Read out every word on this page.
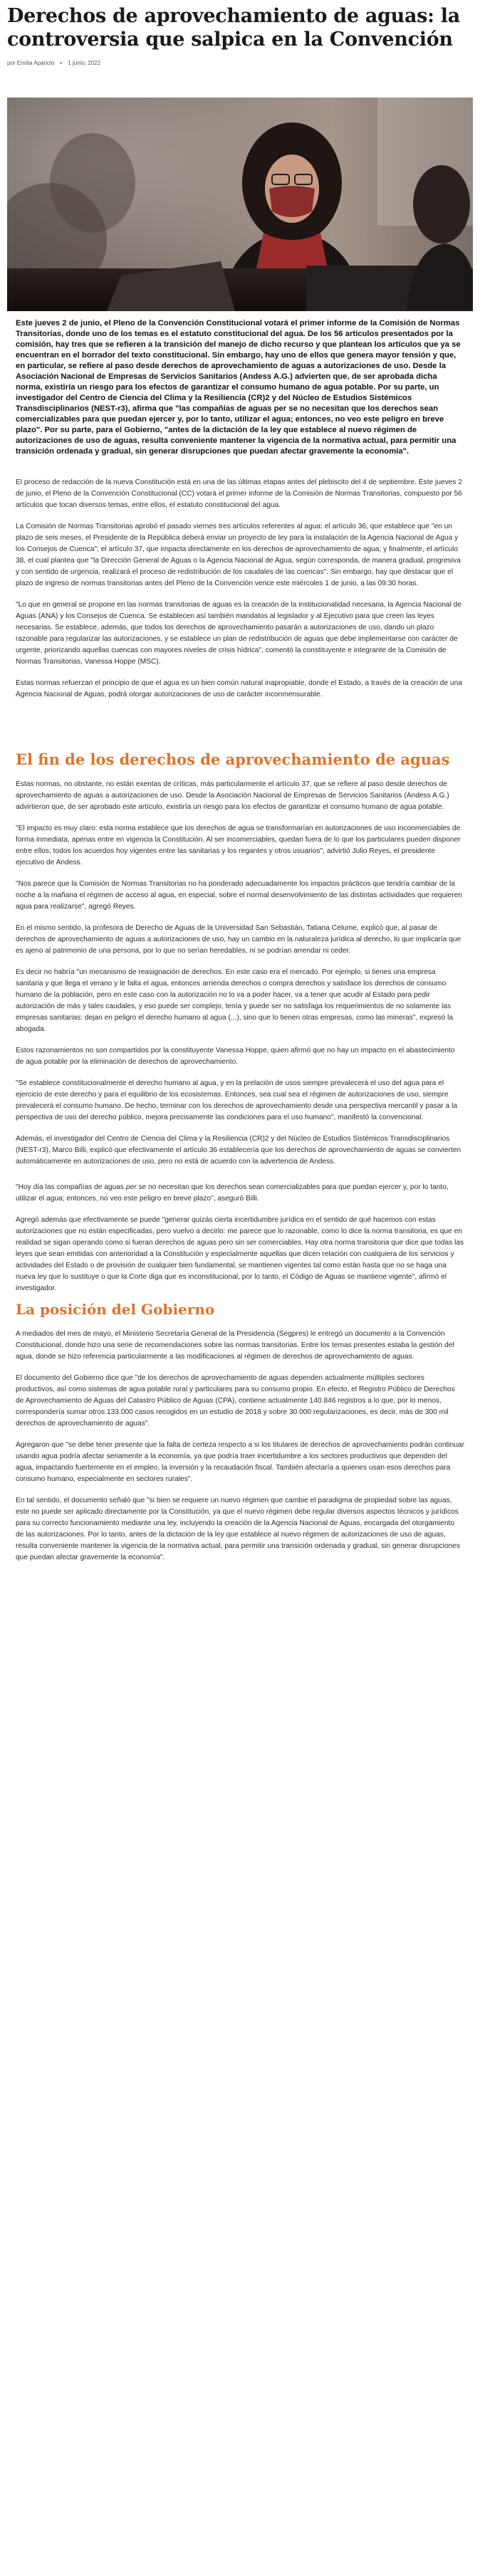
Derechos de aprovechamiento de aguas: la controversia que salpica en la Convención
por Emilia Aparicio 1 junio, 2022

Este jueves 2 de junio, el Pleno de la Convención Constitucional votará el primer informe de la Comisión de Normas Transitorias, donde uno de los temas es el estatuto constitucional del agua. De los 56 artículos presentados por la comisión, hay tres que se refieren a la transición del manejo de dicho recurso y que plantean los artículos que ya se encuentran en el borrador del texto constitucional. Sin embargo, hay uno de ellos que genera mayor tensión y que, en particular, se refiere al paso desde derechos de aprovechamiento de aguas a autorizaciones de uso. Desde la Asociación Nacional de Empresas de Servicios Sanitarios (Andess A.G.) advierten que, de ser aprobada dicha norma, existiría un riesgo para los efectos de garantizar el consumo humano de agua potable. Por su parte, un investigador del Centro de Ciencia del Clima y la Resiliencia (CR)2 y del Núcleo de Estudios Sistémicos Transdisciplinarios (NEST-r3), afirma que "las compañías de aguas per se no necesitan que los derechos sean comercializables para que puedan ejercer y, por lo tanto, utilizar el agua; entonces, no veo este peligro en breve plazo". Por su parte, para el Gobierno, "antes de la dictación de la ley que establece al nuevo régimen de autorizaciones de uso de aguas, resulta conveniente mantener la vigencia de la normativa actual, para permitir una transición ordenada y gradual, sin generar disrupciones que puedan afectar gravemente la economía".

El proceso de redacción de la nueva Constitución está en una de las últimas etapas antes del plebiscito del 4 de septiembre. Este jueves 2 de junio, el Pleno de la Convención Constitucional (CC) votará el primer informe de la Comisión de Normas Transitorias, compuesto por 56 artículos que tocan diversos temas, entre ellos, el estatuto constitucional del agua.

La Comisión de Normas Transitorias aprobó el pasado viernes tres artículos referentes al agua: el artículo 36, que establece que "en un plazo de seis meses, el Presidente de la República deberá enviar un proyecto de ley para la instalación de la Agencia Nacional de Agua y los Consejos de Cuenca"; el artículo 37, que impacta directamente en los derechos de aprovechamiento de agua; y finalmente, el artículo 38, el cual plantea que "la Dirección General de Aguas o la Agencia Nacional de Agua, según corresponda, de manera gradual, progresiva y con sentido de urgencia, realizará el proceso de redistribución de los caudales de las cuencas". Sin embargo, hay que destacar que el plazo de ingreso de normas transitorias antes del Pleno de la Convención vence este miércoles 1 de junio, a las 09:30 horas.

"Lo que en general se propone en las normas transitorias de aguas es la creación de la institucionalidad necesaria, la Agencia Nacional de Aguas (ANA) y los Consejos de Cuenca. Se establecen así también mandatos al legislador y al Ejecutivo para que creen las leyes necesarias. Se establece, además, que todos los derechos de aprovechamiento pasarán a autorizaciones de uso, dando un plazo razonable para regularizar las autorizaciones, y se establece un plan de redistribución de aguas que debe implementarse con carácter de urgente, priorizando aquellas cuencas con mayores niveles de crisis hídrica", comentó la constituyente e integrante de la Comisión de Normas Transitorias, Vanessa Hoppe (MSC).

Estas normas refuerzan el principio de que el agua es un bien común natural inapropiable, donde el Estado, a través de la creación de una Agencia Nacional de Aguas, podrá otorgar autorizaciones de uso de carácter inconmensurable.

El fin de los derechos de aprovechamiento de aguas

Estas normas, no obstante, no están exentas de críticas, más particularmente el artículo 37, que se refiere al paso desde derechos de aprovechamiento de aguas a autorizaciones de uso. Desde la Asociación Nacional de Empresas de Servicios Sanitarios (Andess A.G.) advirtieron que, de ser aprobado este artículo, existiría un riesgo para los efectos de garantizar el consumo humano de agua potable.

"El impacto es muy claro: esta norma establece que los derechos de agua se transformarían en autorizaciones de uso inconmerciables de forma inmediata, apenas entre en vigencia la Constitución. Al ser incomerciables, quedan fuera de lo que los particulares pueden disponer entre ellos, todos los acuerdos hoy vigentes entre las sanitarias y los regantes y otros usuarios", advirtió Julio Reyes, el presidente ejecutivo de Andess.

"Nos parece que la Comisión de Normas Transitorias no ha ponderado adecuadamente los impactos prácticos que tendría cambiar de la noche a la mañana el régimen de acceso al agua, en especial, sobre el normal desenvolvimiento de las distintas actividades que requieren agua para realizarse", agregó Reyes.

En el mismo sentido, la profesora de Derecho de Aguas de la Universidad San Sebastián, Tatiana Celume, explicó que, al pasar de derechos de aprovechamiento de aguas a autorizaciones de uso, hay un cambio en la naturaleza jurídica al derecho, lo que implicaría que es ajeno al patrimonio de una persona, por lo que no serían heredables, ni se podrían arrendar ni ceder.

Es decir no habría "un mecanismo de reasignación de derechos. En este caso era el mercado. Por ejemplo, si tienes una empresa sanitaria y que llega el verano y le falta el agua, entonces arrienda derechos o compra derechos y satisface los derechos de consumo humano de la población, pero en este caso con la autorización no lo va a poder hacer, va a tener que acudir al Estado para pedir autorización de más y tales caudales, y eso puede ser complejo, tenía y puede ser no satisfaga los requerimientos de no solamente las empresas sanitarias: dejan en peligro el derecho humano al agua (...), sino que lo tienen otras empresas, como las mineras", expresó la abogada.

Estos razonamientos no son compartidos por la constituyente Vanessa Hoppe, quien afirmó que no hay un impacto en el abastecimiento de agua potable por la eliminación de derechos de aprovechamiento.

"Se establece constitucionalmente el derecho humano al agua, y en la prelación de usos siempre prevalecerá el uso del agua para el ejercicio de este derecho y para el equilibrio de los ecosistemas. Entonces, sea cual sea el régimen de autorizaciones de uso, siempre prevalecerá el consumo humano. De hecho, terminar con los derechos de aprovechamiento desde una perspectiva mercantil y pasar a la perspectiva de uso del derecho público, mejora precisamente las condiciones para el uso humano", manifestó la convencional.

Además, el investigador del Centro de Ciencia del Clima y la Resiliencia (CR)2 y del Núcleo de Estudios Sistémicos Transdisciplinarios (NEST-r3), Marco Billi, explicó que efectivamente el artículo 36 establecería que los derechos de aprovechamiento de aguas se convierten automáticamente en autorizaciones de uso, pero no está de acuerdo con la advertencia de Andess.

"Hoy día las compañías de aguas per se no necesitan que los derechos sean comercializables para que puedan ejercer y, por lo tanto, utilizar el agua; entonces, no veo este peligro en breve plazo", aseguró Billi.

Agregó además que efectivamente se puede "generar quizás cierta incertidumbre jurídica en el sentido de qué hacemos con estas autorizaciones que no están especificadas, pero vuelvo a decirlo: me parece que lo razonable, como lo dice la norma transitoria, es que en realidad se sigan operando como si fueran derechos de aguas pero sin ser comerciables. Hay otra norma transitoria que dice que todas las leyes que sean emitidas con anterioridad a la Constitución y especialmente aquellas que dicen relación con cualquiera de los servicios y actividades del Estado o de provisión de cualquier bien fundamental, se mantienen vigentes tal como están hasta que no se haga una nueva ley que lo sustituye o que la Corte diga que es inconstitucional, por lo tanto, el Código de Aguas se mantiene vigente", afirmó el investigador.

La posición del Gobierno

A mediados del mes de mayo, el Ministerio Secretaría General de la Presidencia (Segpres) le entregó un documento a la Convención Constitucional, donde hizo una serie de recomendaciones sobre las normas transitorias. Entre los temas presentes estaba la gestión del agua, donde se hizo referencia particularmente a las modificaciones al régimen de derechos de aprovechamiento de aguas.

El documento del Gobierno dice que "de los derechos de aprovechamiento de aguas dependen actualmente múltiples sectores productivos, así como sistemas de agua potable rural y particulares para su consumo propio. En efecto, el Registro Público de Derechos de Aprovechamiento de Aguas del Catastro Público de Aguas (CPA), contiene actualmente 140.846 registros a lo que, por lo menos, correspondería sumar otros 133.000 casos recogidos en un estudio de 2018 y sobre 30.000 regularizaciones, es decir, más de 300 mil derechos de aprovechamiento de aguas".

Agregaron que "se debe tener presente que la falta de certeza respecto a si los titulares de derechos de aprovechamiento podrán continuar usando agua podría afectar seriamente a la economía, ya que podría traer incertidumbre a los sectores productivos que dependen del agua, impactando fuertemente en el empleo, la inversión y la recaudación fiscal. También afectaría a quienes usan esos derechos para consumo humano, especialmente en sectores rurales".

En tal sentido, el documento señaló que "si bien se requiere un nuevo régimen que cambie el paradigma de propiedad sobre las aguas, este no puede ser aplicado directamente por la Constitución, ya que el nuevo régimen debe regular diversos aspectos técnicos y jurídicos para su correcto funcionamiento mediante una ley, incluyendo la creación de la Agencia Nacional de Aguas, encargada del otorgamiento de las autorizaciones. Por lo tanto, antes de la dictación de la ley que establece al nuevo régimen de autorizaciones de uso de aguas, resulta conveniente mantener la vigencia de la normativa actual, para permitir una transición ordenada y gradual, sin generar disrupciones que puedan afectar gravemente la economía".
